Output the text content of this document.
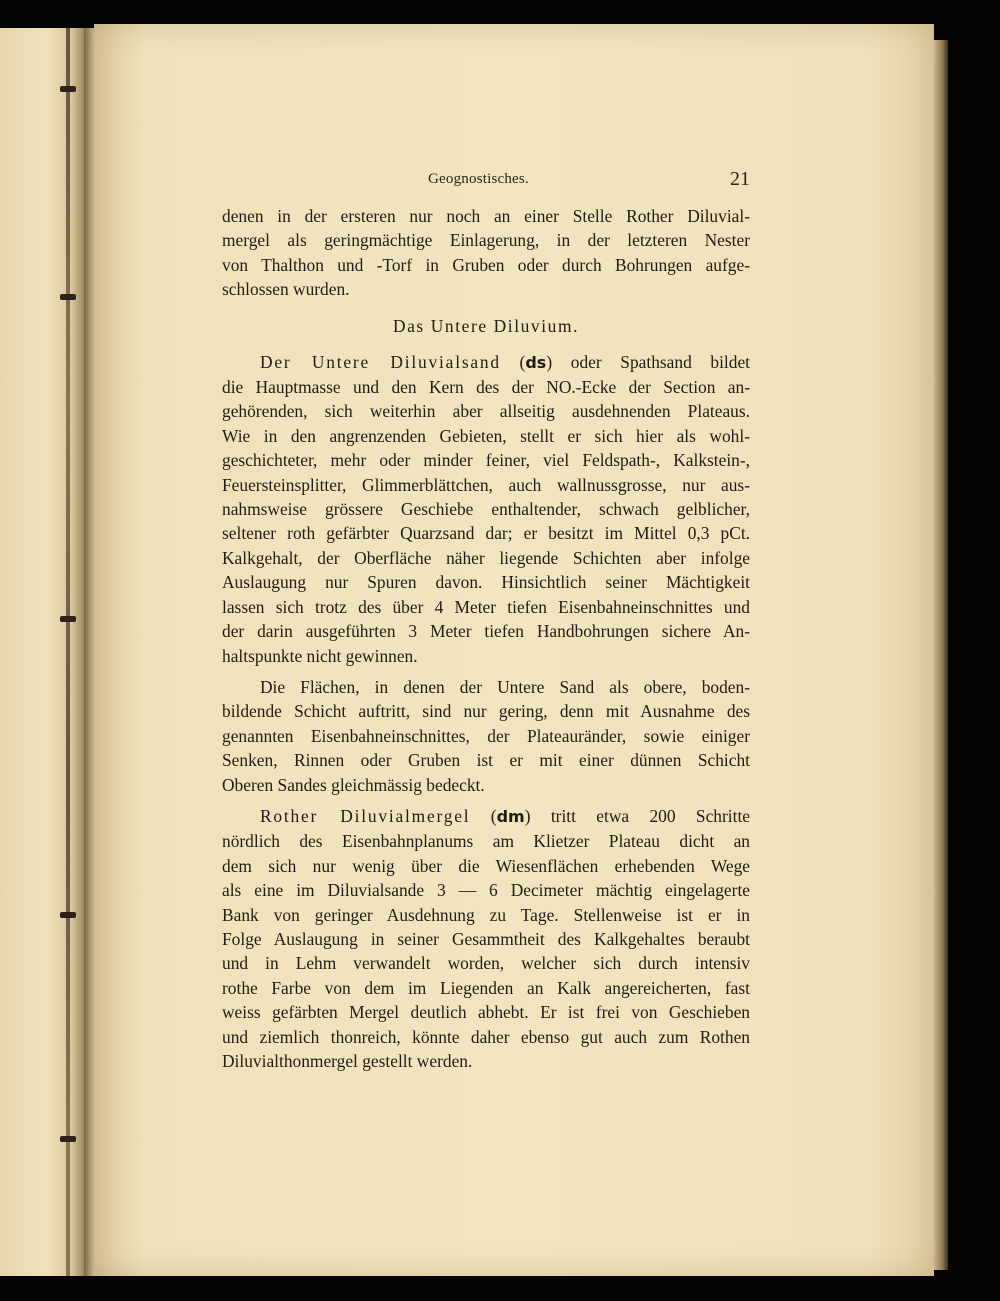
Geognostisches.	21
denen in der ersteren nur noch an einer Stelle Rother Diluvial-
mergel als geringmächtige Einlagerung, in der letzteren Nester
von Thalthon und -Torf in Gruben oder durch Bohrungen aufge-
schlossen wurden.
Das Untere Diluvium.
Der Untere Diluvialsand (ds) oder Spathsand bildet
die Hauptmasse und den Kern des der NO.-Ecke der Section an-
gehörenden, sich weiterhin aber allseitig ausdehnenden Plateaus.
Wie in den angrenzenden Gebieten, stellt er sich hier als wohl-
geschichteter, mehr oder minder feiner, viel Feldspath-, Kalkstein-,
Feuersteinsplitter, Glimmerblättchen, auch wallnussgrosse, nur aus-
nahmsweise grössere Geschiebe enthaltender, schwach gelblicher,
seltener roth gefärbter Quarzsand dar; er besitzt im Mittel 0,3 pCt.
Kalkgehalt, der Oberfläche näher liegende Schichten aber infolge
Auslaugung nur Spuren davon. Hinsichtlich seiner Mächtigkeit
lassen sich trotz des über 4 Meter tiefen Eisenbahneinschnittes und
der darin ausgeführten 3 Meter tiefen Handbohrungen sichere An-
haltspunkte nicht gewinnen.
Die Flächen, in denen der Untere Sand als obere, boden-
bildende Schicht auftritt, sind nur gering, denn mit Ausnahme des
genannten Eisenbahneinschnittes, der Plateauränder, sowie einiger
Senken, Rinnen oder Gruben ist er mit einer dünnen Schicht
Oberen Sandes gleichmässig bedeckt.
Rother Diluvialmergel (dm) tritt etwa 200 Schritte
nördlich des Eisenbahnplanums am Klietzer Plateau dicht an
dem sich nur wenig über die Wiesenflächen erhebenden Wege
als eine im Diluvialsande 3 — 6 Decimeter mächtig eingelagerte
Bank von geringer Ausdehnung zu Tage. Stellenweise ist er in
Folge Auslaugung in seiner Gesammtheit des Kalkgehaltes beraubt
und in Lehm verwandelt worden, welcher sich durch intensiv
rothe Farbe von dem im Liegenden an Kalk angereicherten, fast
weiss gefärbten Mergel deutlich abhebt. Er ist frei von Geschieben
und ziemlich thonreich, könnte daher ebenso gut auch zum Rothen
Diluvialthonmergel gestellt werden.
